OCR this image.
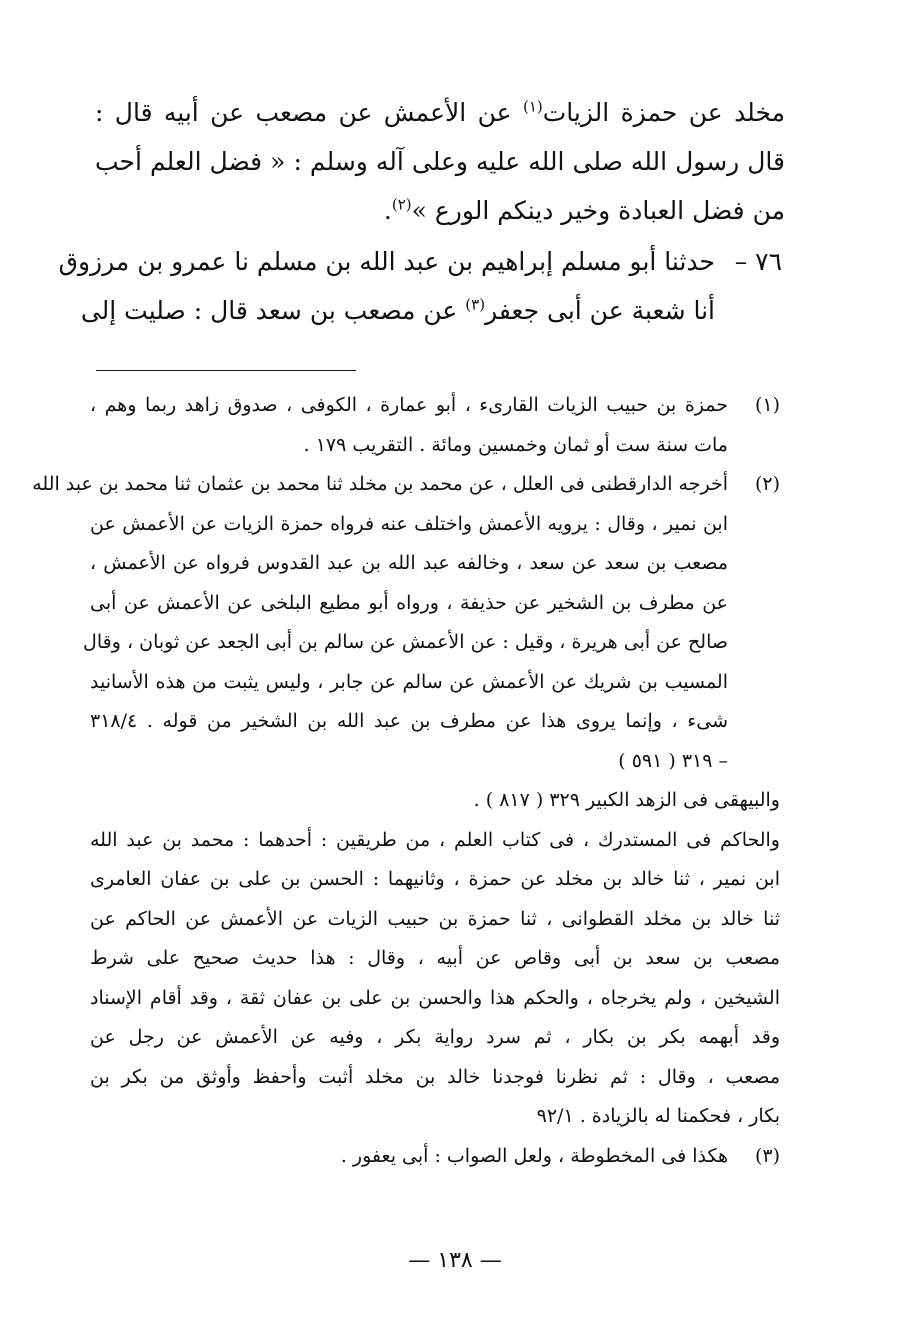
مخلد عن حمزة الزيات$^{(١)}$ عن الأعمش عن مصعب عن أبيه قال :
قال رسول الله صلى الله عليه وعلى آله وسلم : « فضل العلم أحب
من فضل العبادة وخير دينكم الورع »$^{(٢)}$.
٧٦ –
حدثنا أبو مسلم إبراهيم بن عبد الله بن مسلم نا عمرو بن مرزوق
أنا شعبة عن أبى جعفر$^{(٣)}$ عن مصعب بن سعد قال : صليت إلى
(١)
حمزة بن حبيب الزيات القارىء ، أبو عمارة ، الكوفى ، صدوق زاهد ربما وهم ،
مات سنة ست أو ثمان وخمسين ومائة . التقريب ١٧٩ .
(٢)
أخرجه الدارقطنى فى العلل ، عن محمد بن مخلد ثنا محمد بن عثمان ثنا محمد بن عبد الله
ابن نمير ، وقال : يرويه الأعمش واختلف عنه فرواه حمزة الزيات عن الأعمش عن
مصعب بن سعد عن سعد ، وخالفه عبد الله بن عبد القدوس فرواه عن الأعمش ،
عن مطرف بن الشخير عن حذيفة ، ورواه أبو مطيع البلخى عن الأعمش عن أبى
صالح عن أبى هريرة ، وقيل : عن الأعمش عن سالم بن أبى الجعد عن ثوبان ، وقال
المسيب بن شريك عن الأعمش عن سالم عن جابر ، وليس يثبت من هذه الأسانيد
شىء ، وإنما يروى هذا عن مطرف بن عبد الله بن الشخير من قوله . ٣١٨/٤
– ٣١٩ ( ٥٩١ )
والبيهقى فى الزهد الكبير ٣٢٩ ( ٨١٧ ) .
والحاكم فى المستدرك ، فى كتاب العلم ، من طريقين : أحدهما : محمد بن عبد الله
ابن نمير ، ثنا خالد بن مخلد عن حمزة ، وثانيهما : الحسن بن على بن عفان العامرى
ثنا خالد بن مخلد القطوانى ، ثنا حمزة بن حبيب الزيات عن الأعمش عن الحاكم عن
مصعب بن سعد بن أبى وقاص عن أبيه ، وقال : هذا حديث صحيح على شرط
الشيخين ، ولم يخرجاه ، والحكم هذا والحسن بن على بن عفان ثقة ، وقد أقام الإسناد
وقد أبهمه بكر بن بكار ، ثم سرد رواية بكر ، وفيه عن الأعمش عن رجل عن
مصعب ، وقال : ثم نظرنا فوجدنا خالد بن مخلد أثبت وأحفظ وأوثق من بكر بن
بكار ، فحكمنا له بالزيادة . ٩٢/١
(٣)
هكذا فى المخطوطة ، ولعل الصواب : أبى يعفور .
— ١٣٨ —
